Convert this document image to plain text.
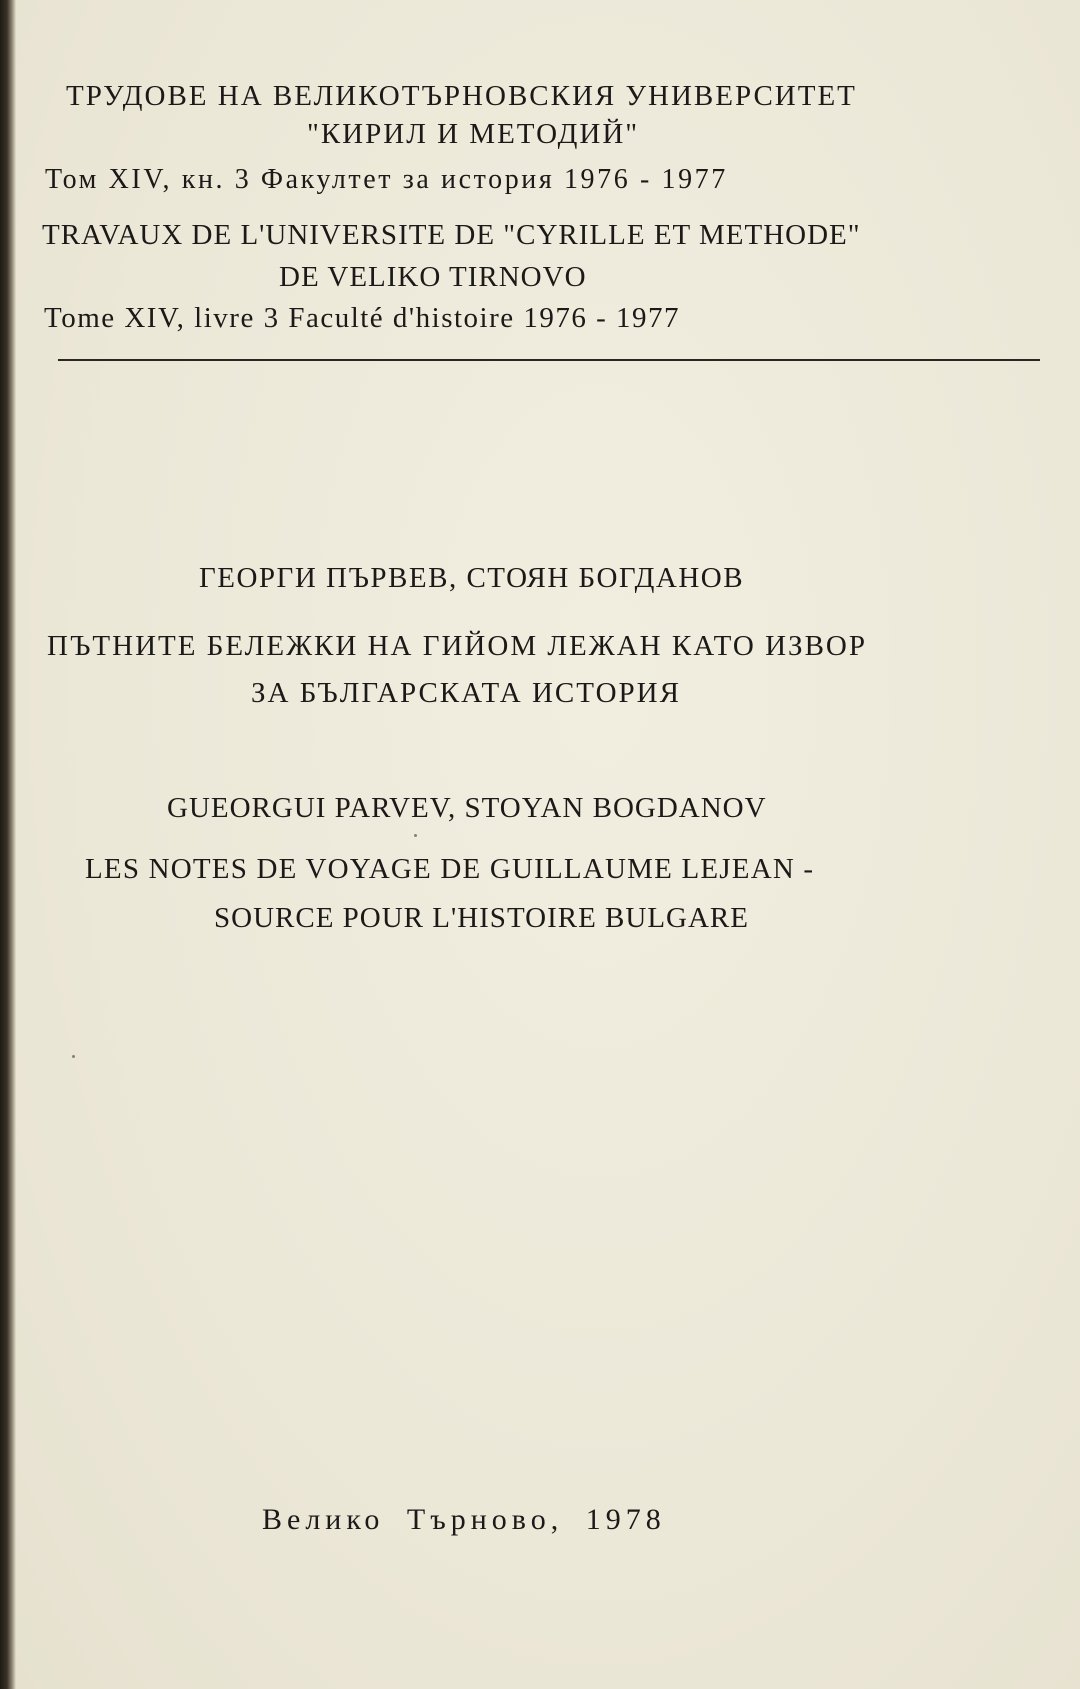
ТРУДОВЕ НА ВЕЛИКОТЪРНОВСКИЯ УНИВЕРСИТЕТ
"КИРИЛ И МЕТОДИЙ"
Том XIV, кн. 3 Факултет за история 1976 - 1977
TRAVAUX DE L'UNIVERSITE DE "CYRILLE ET METHODE"
DE VELIKO TIRNOVO
Tome XIV, livre 3 Faculté d'histoire 1976 - 1977
ГЕОРГИ ПЪРВЕВ, СТОЯН БОГДАНОВ
ПЪТНИТЕ БЕЛЕЖКИ НА ГИЙОМ ЛЕЖАН КАТО ИЗВОР
ЗА БЪЛГАРСКАТА ИСТОРИЯ
GUEORGUI PARVEV, STOYAN BOGDANOV
LES NOTES DE VOYAGE DE GUILLAUME LEJEAN -
SOURCE POUR L'HISTOIRE BULGARE
Велико Търново, 1978
